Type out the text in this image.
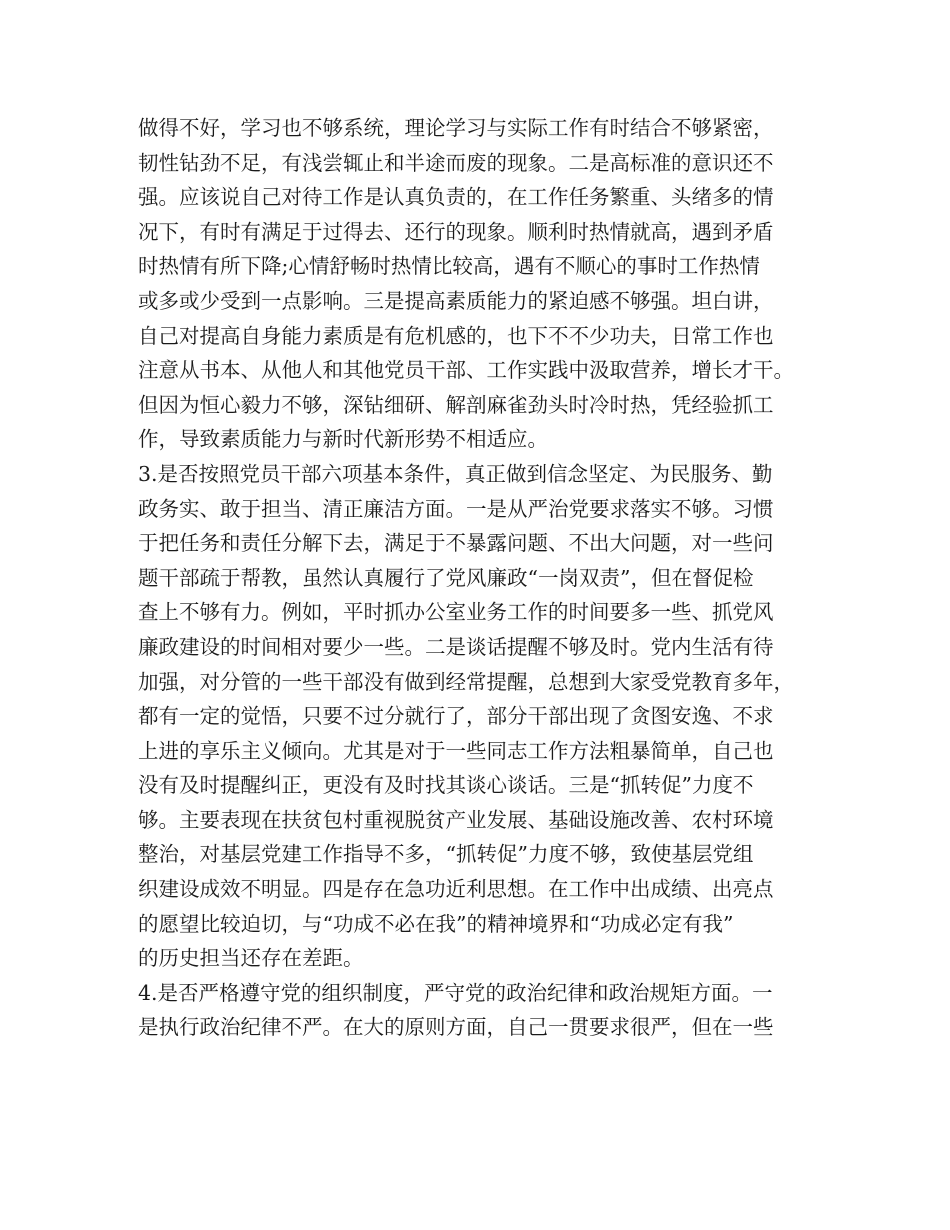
做得不好，学习也不够系统，理论学习与实际工作有时结合不够紧密，
韧性钻劲不足，有浅尝辄止和半途而废的现象。二是高标准的意识还不
强。应该说自己对待工作是认真负责的，在工作任务繁重、头绪多的情
况下，有时有满足于过得去、还行的现象。顺利时热情就高，遇到矛盾
时热情有所下降;心情舒畅时热情比较高，遇有不顺心的事时工作热情
或多或少受到一点影响。三是提高素质能力的紧迫感不够强。坦白讲，
自己对提高自身能力素质是有危机感的，也下不不少功夫，日常工作也
注意从书本、从他人和其他党员干部、工作实践中汲取营养，增长才干。
但因为恒心毅力不够，深钻细研、解剖麻雀劲头时冷时热，凭经验抓工
作，导致素质能力与新时代新形势不相适应。
3.是否按照党员干部六项基本条件，真正做到信念坚定、为民服务、勤
政务实、敢于担当、清正廉洁方面。一是从严治党要求落实不够。习惯
于把任务和责任分解下去，满足于不暴露问题、不出大问题，对一些问
题干部疏于帮教，虽然认真履行了党风廉政“一岗双责”，但在督促检
查上不够有力。例如，平时抓办公室业务工作的时间要多一些、抓党风
廉政建设的时间相对要少一些。二是谈话提醒不够及时。党内生活有待
加强，对分管的一些干部没有做到经常提醒，总想到大家受党教育多年，
都有一定的觉悟，只要不过分就行了，部分干部出现了贪图安逸、不求
上进的享乐主义倾向。尤其是对于一些同志工作方法粗暴简单，自己也
没有及时提醒纠正，更没有及时找其谈心谈话。三是“抓转促”力度不
够。主要表现在扶贫包村重视脱贫产业发展、基础设施改善、农村环境
整治，对基层党建工作指导不多，“抓转促”力度不够，致使基层党组
织建设成效不明显。四是存在急功近利思想。在工作中出成绩、出亮点
的愿望比较迫切，与“功成不必在我”的精神境界和“功成必定有我”
的历史担当还存在差距。
4.是否严格遵守党的组织制度，严守党的政治纪律和政治规矩方面。一
是执行政治纪律不严。在大的原则方面，自己一贯要求很严，但在一些
